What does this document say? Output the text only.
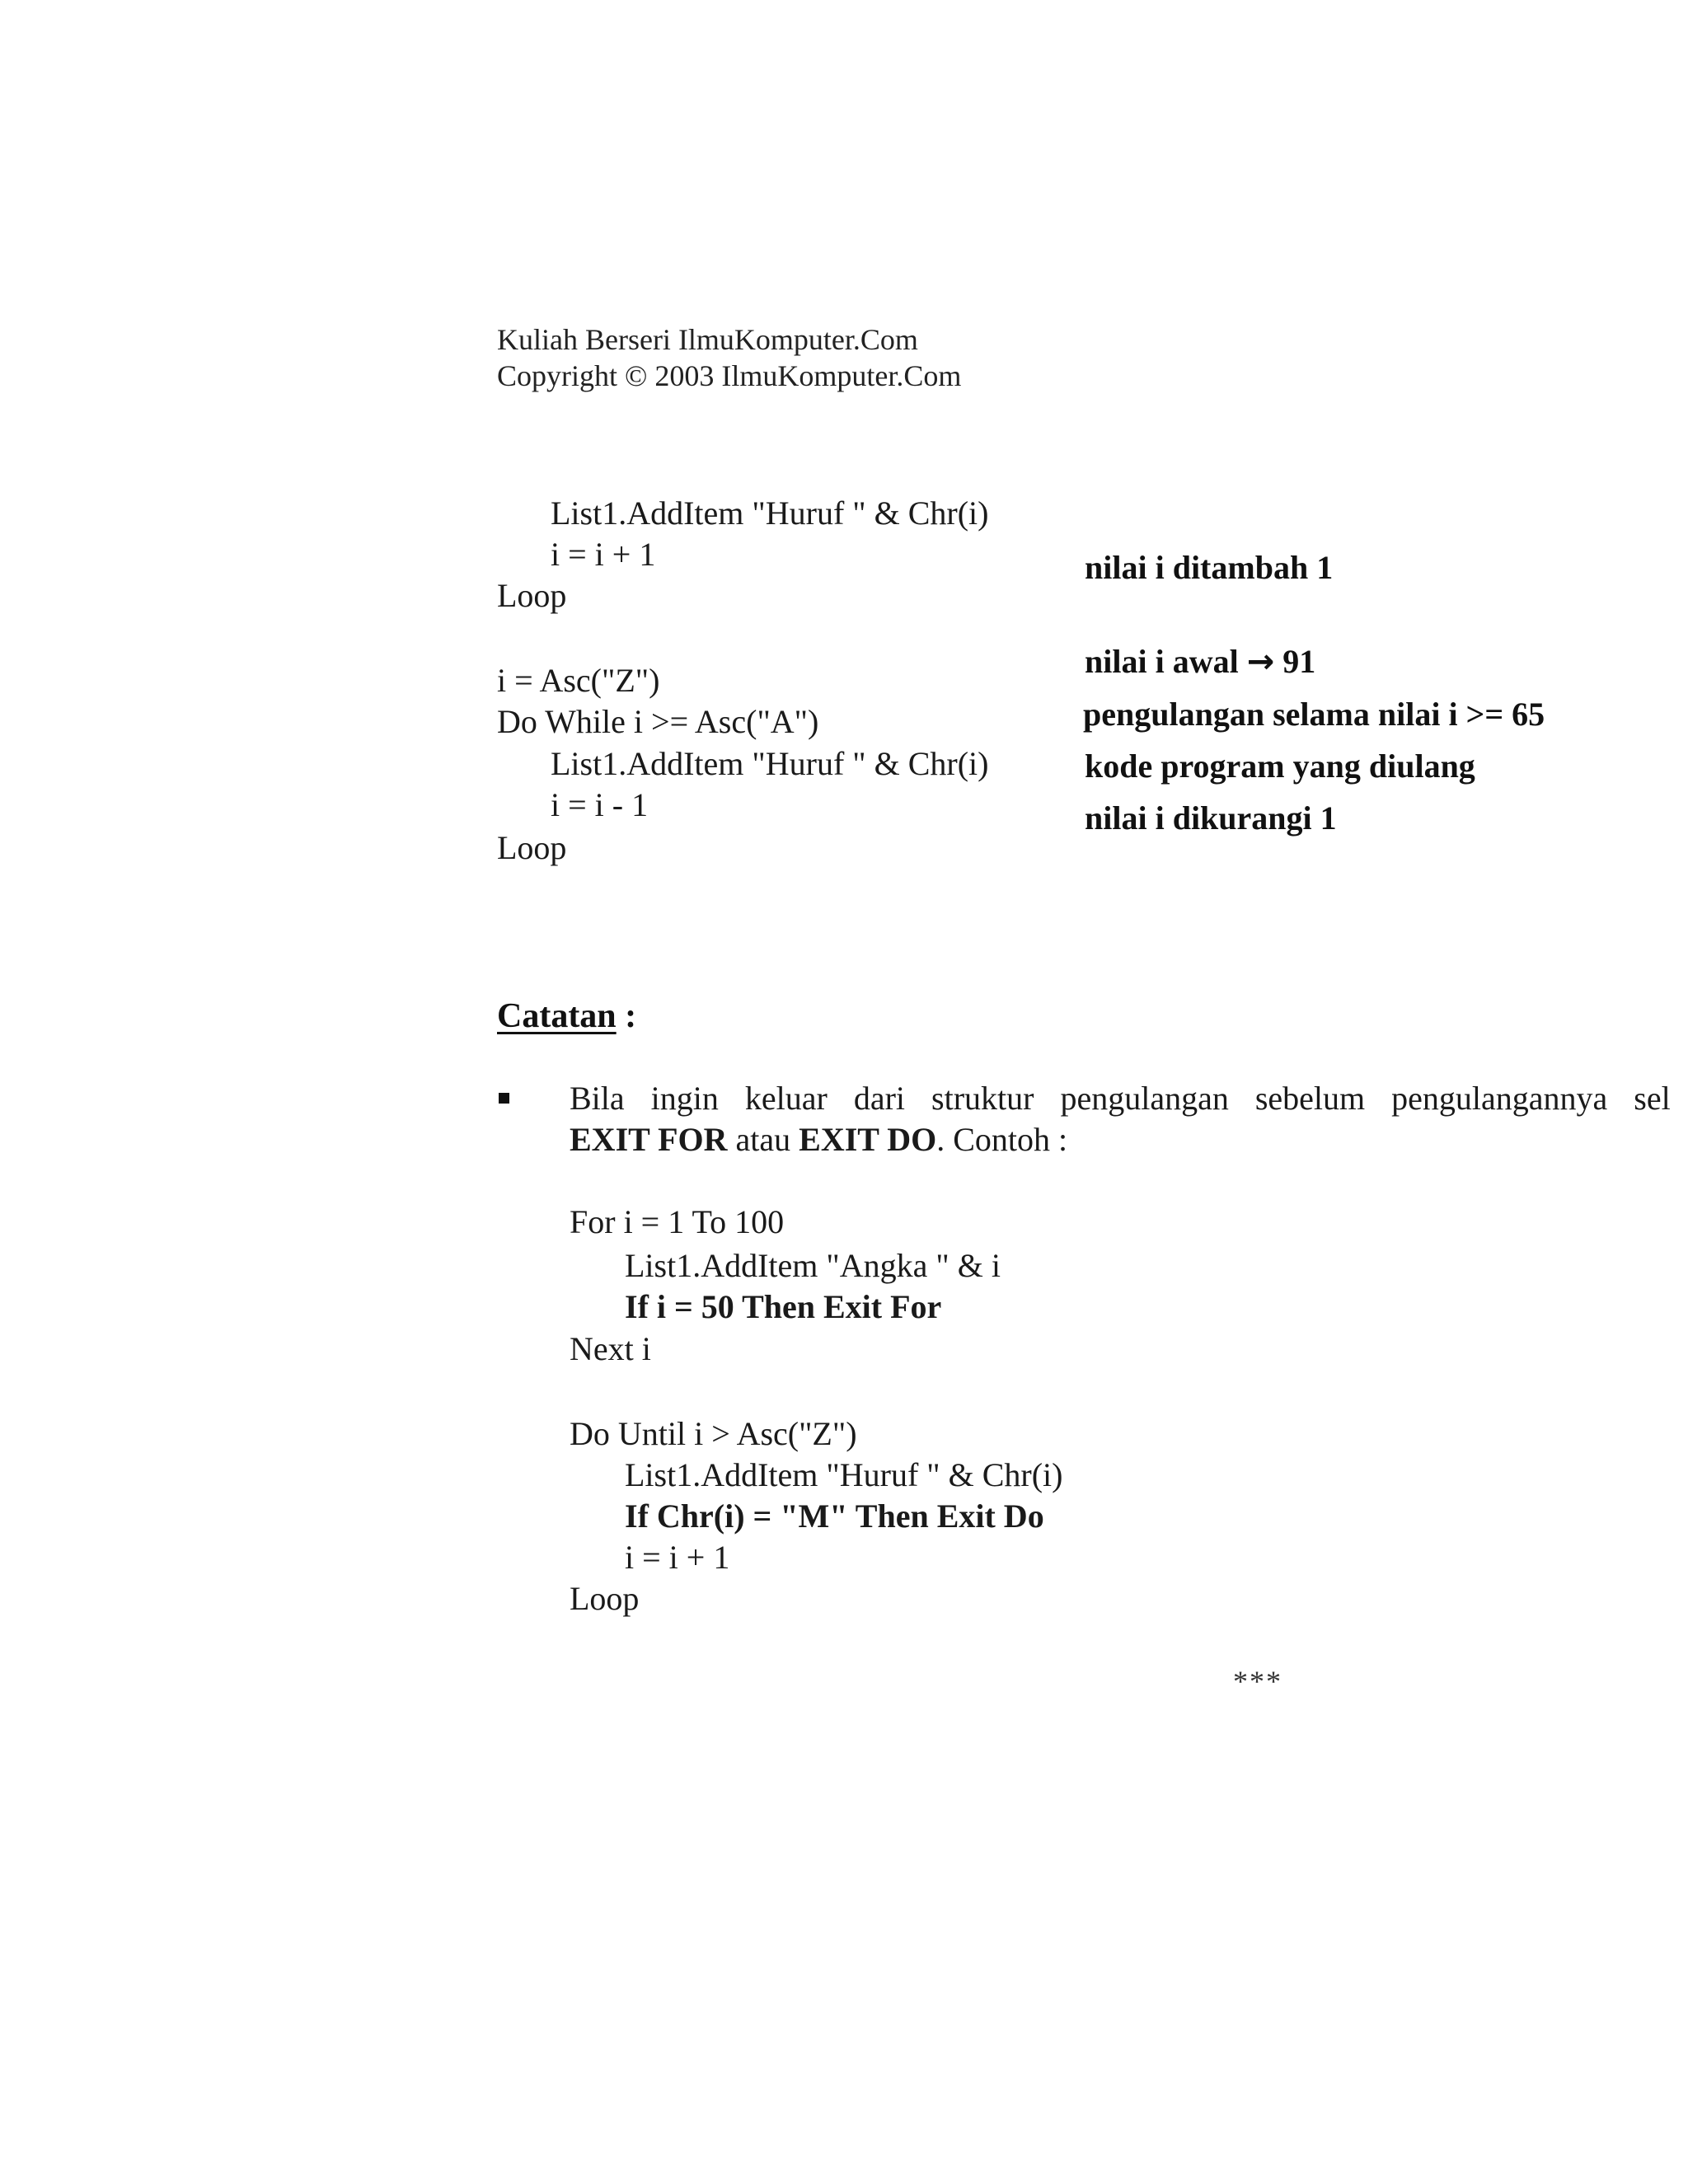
Kuliah Berseri IlmuKomputer.Com
Copyright © 2003 IlmuKomputer.Com
List1.AddItem "Huruf " & Chr(i)
i = i + 1
Loop
i = Asc("Z")
Do While i >= Asc("A")
List1.AddItem "Huruf " & Chr(i)
i = i - 1
Loop
nilai i ditambah 1
nilai i awal → 91
pengulangan selama nilai i >= 65
kode program yang diulang
nilai i dikurangi 1
Catatan :
Bila  ingin  keluar  dari  struktur  pengulangan  sebelum  pengulangannya  sel
EXIT FOR atau EXIT DO. Contoh :
For i = 1 To 100
List1.AddItem "Angka " & i
If i = 50 Then Exit For
Next i
Do Until i > Asc("Z")
List1.AddItem "Huruf " & Chr(i)
If Chr(i) = "M" Then Exit Do
i = i + 1
Loop
***
